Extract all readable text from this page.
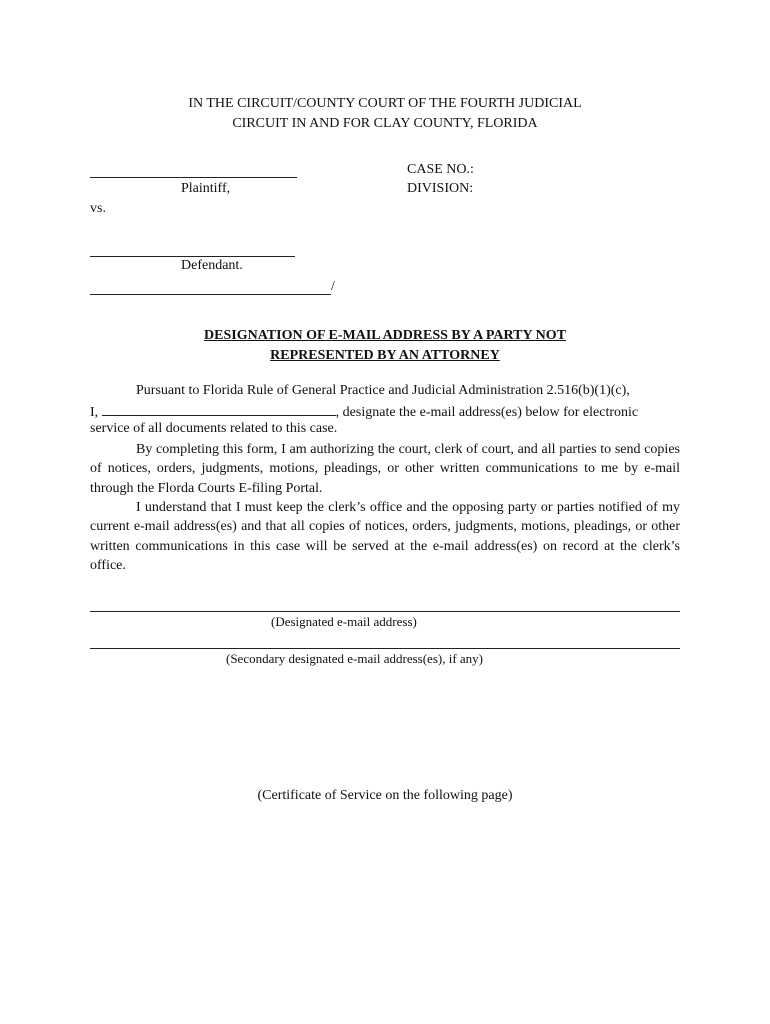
IN THE CIRCUIT/COUNTY COURT OF THE FOURTH JUDICIAL
CIRCUIT IN AND FOR CLAY COUNTY, FLORIDA
Plaintiff,
vs.
Defendant.
/
CASE NO.:
DIVISION:
DESIGNATION OF E-MAIL ADDRESS BY A PARTY NOT
REPRESENTED BY AN ATTORNEY
Pursuant to Florida Rule of General Practice and Judicial Administration 2.516(b)(1)(c),
I,	, designate the e-mail address(es) below for electronic
service of all documents related to this case.
By completing this form, I am authorizing the court, clerk of court, and all parties to send copies of notices, orders, judgments, motions, pleadings, or other written communications to me by e-mail through the Florda Courts E-filing Portal.
I understand that I must keep the clerk’s office and the opposing party or parties notified of my current e-mail address(es) and that all copies of notices, orders, judgments, motions, pleadings, or other written communications in this case will be served at the e-mail address(es) on record at the clerk’s office.
(Designated e-mail address)
(Secondary designated e-mail address(es), if any)
(Certificate of Service on the following page)
